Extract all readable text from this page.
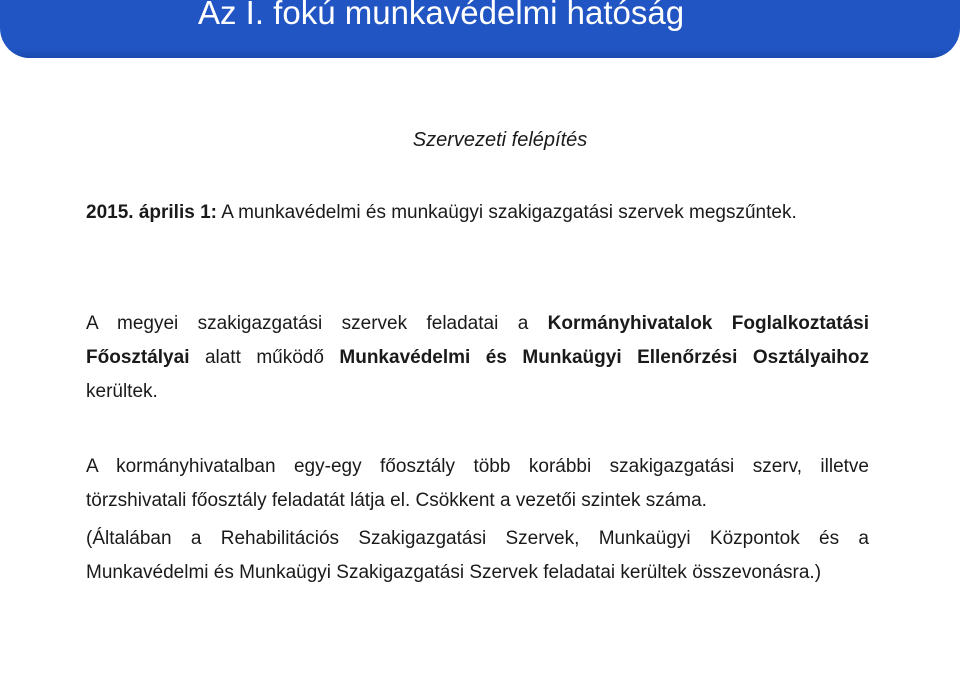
Az I. fokú munkavédelmi hatóság
Szervezeti felépítés

2015. április 1: A munkavédelmi és munkaügyi szakigazgatási szervek megszűntek.

A megyei szakigazgatási szervek feladatai a Kormányhivatalok Foglalkoztatási Főosztályai alatt működő Munkavédelmi és Munkaügyi Ellenőrzési Osztályaihoz kerültek.

A kormányhivatalban egy-egy főosztály több korábbi szakigazgatási szerv, illetve törzshivatali főosztály feladatát látja el. Csökkent a vezetői szintek száma.

(Általában a Rehabilitációs Szakigazgatási Szervek, Munkaügyi Központok és a Munkavédelmi és Munkaügyi Szakigazgatási Szervek feladatai kerültek összevonásra.)
